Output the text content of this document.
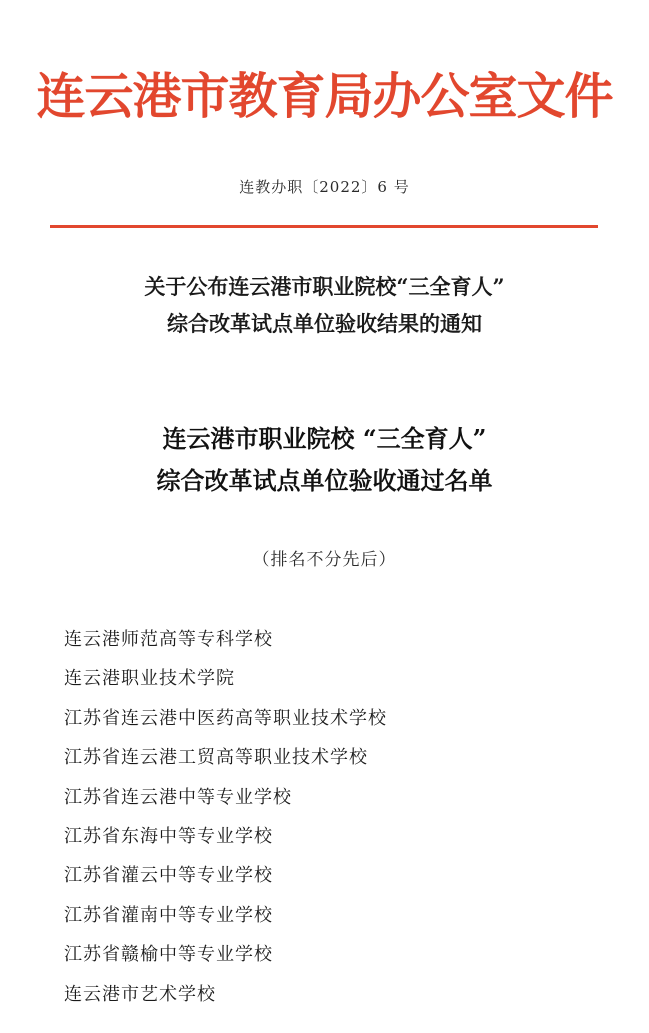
连云港市教育局办公室文件
连教办职〔2022〕6 号
关于公布连云港市职业院校“三全育人”
综合改革试点单位验收结果的通知
连云港市职业院校 “三全育人”
综合改革试点单位验收通过名单
（排名不分先后）
连云港师范高等专科学校
连云港职业技术学院
江苏省连云港中医药高等职业技术学校
江苏省连云港工贸高等职业技术学校
江苏省连云港中等专业学校
江苏省东海中等专业学校
江苏省灌云中等专业学校
江苏省灌南中等专业学校
江苏省赣榆中等专业学校
连云港市艺术学校
